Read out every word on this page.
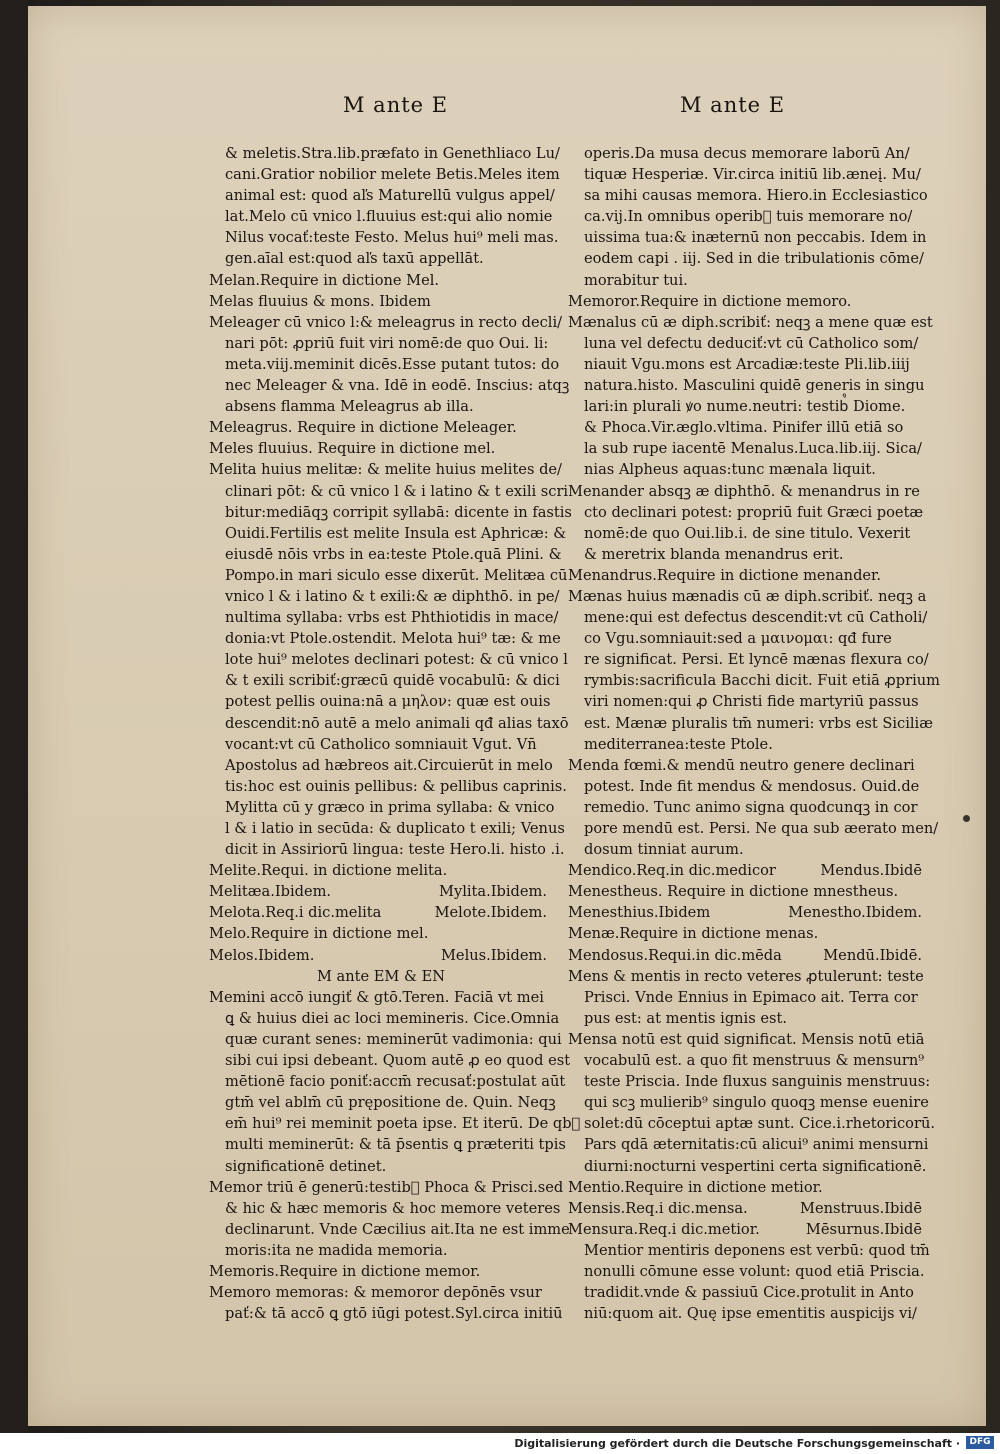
M ante E	M ante E
& meletis.Stra.lib.præfato in Genethliaco Lu/
cani.Gratior nobilior melete Betis.Meles item
animal est: quod aľs Maturellū vulgus appel/
lat.Melo cū vnico l.fluuius est:qui alio nomie
Nilus vocať:teste Festo. Melus hui⁹ meli mas.
gen.aīal est:quod aľs taxū appellāt.
Melan.Require in dictione Mel.
Melas fluuius & mons. Ibidem
Meleager cū vnico l:& meleagrus in recto decli/
nari pōt: ꝓpriū fuit viri nomē:de quo Oui. li:
meta.viij.meminit dicēs.Esse putant tutos: do
nec Meleager & vna. Idē in eodē. Inscius: atqꝫ
absens flamma Meleagrus ab illa.
Meleagrus. Require in dictione Meleager.
Meles fluuius. Require in dictione mel.
Melita huius melitæ: & melite huius melites de/
clinari pōt: & cū vnico l & i latino & t exili scri
bitur:mediāqꝫ corripit syllabā: dicente in fastis
Ouidi.Fertilis est melite Insula est Aphricæ: &
eiusdē nōis vrbs in ea:teste Ptole.quā Plini. &
Pompo.in mari siculo esse dixerūt. Melitæa cū
vnico l & i latino & t exili:& æ diphthō. in pe/
nultima syllaba: vrbs est Phthiotidis in mace/
donia:vt Ptole.ostendit. Melota hui⁹ tæ: & me
lote hui⁹ melotes declinari potest: & cū vnico l
& t exili scribiť:græcū quidē vocabulū: & dici
potest pellis ouina:nā a μηλον: quæ est ouis
descendit:nō autē a melo animali qđ alias taxō
vocant:vt cū Catholico somniauit Vgut. Vn̄
Apostolus ad hæbreos ait.Circuierūt in melo
tis:hoc est ouinis pellibus: & pellibus caprinis.
Mylitta cū y græco in prima syllaba: & vnico
l & i latio in secūda: & duplicato t exili; Venus
dicit in Assiriorū lingua: teste Hero.li. histo .i.
Melite.Requi. in dictione melita.
Melitæa.Ibidem.	Mylita.Ibidem.
Melota.Req.i dic.melita	Melote.Ibidem.
Melo.Require in dictione mel.
Melos.Ibidem.	Melus.Ibidem.
M ante EM & EN
Memini accō iungiť & gtō.Teren. Faciā vt mei
ꝗ & huius diei ac loci memineris. Cice.Omnia
quæ curant senes: meminerūt vadimonia: qui
sibi cui ipsi debeant. Quom autē ꝓ eo quod est
mētionē facio poniť:accm̄ recusať:postulat aūt
gtm̄ vel ablm̄ cū pręposi̇tione de. Quin. Neqꝫ
em̄ hui⁹ rei meminit poeta ipse. Et iterū. De qb᷒
multi meminerūt: & tā p̄sentis ꝗ præteriti tpis
significationē detinet.
Memor triū ē generū:testib᷒ Phoca & Prisci.sed
& hic & hæc memoris & hoc memore veteres
declinarunt. Vnde Cæcilius ait.Ita ne est imme
moris:ita ne madida memoria.
Memoris.Require in dictione memor.
Memoro memoras: & memoror depōnēs vsur
pať:& tā accō ꝗ gtō iūgi potest.Syl.circa initiū
operis.Da musa decus memorare laborū An/
tiquæ Hesperiæ. Vir.circa initiū lib.æneį. Mu/
sa mihi causas memora. Hiero.in Ecclesiastico
ca.vij.In omnibus operib᷒ tuis memorare no/
uissima tua:& inæternū non peccabis. Idem in
eodem capi . iij. Sed in die tribulationis cōme/
morabitur tui.
Memoror.Require in dictione memoro.
Mænalus cū æ diph.scribiť: neqꝫ a mene quæ est
luna vel defectu deduciť:vt cū Catholico som/
niauit Vgu.mons est Arcadiæ:teste Pli.lib.iiij
natura.histo. Masculini quidē generis in singu
lari:in plurali ꝟo nume.neutri: testib᷒ Diome.
& Phoca.Vir.æglo.vltima. Pinifer illū etiā so
la sub rupe iacentē Menalus.Luca.lib.iij. Sica/
nias Alpheus aquas:tunc mænala liquit.
Menander absqꝫ æ diphthō. & menandrus in re
cto declinari potest: propriū fuit Græci poetæ
nomē:de quo Oui.lib.i. de sine titulo. Vexerit
& meretrix blanda menandrus erit.
Menandrus.Require in dictione menander.
Mænas huius mænadis cū æ diph.scribiť. neqꝫ a
mene:qui est defectus descendit:vt cū Catholi/
co Vgu.somniauit:sed a μαινομαι: qđ fure
re significat. Persi. Et lyncē mænas flexura co/
rymbis:sacrificula Bacchi dicit. Fuit etiā ꝓprium
viri nomen:qui ꝓ Christi fide martyriū passus
est. Mænæ pluralis tm̄ numeri: vrbs est Siciliæ
mediterranea:teste Ptole.
Menda fœmi.& mendū neutro genere declinari
potest. Inde fit mendus & mendosus. Ouid.de
remedio. Tunc animo signa quodcunqꝫ in cor
pore mendū est. Persi. Ne qua sub æerato men/
dosum tinniat aurum.
Mendico.Req.in dic.medicor	Mendus.Ibidē
Menestheus. Require in dictione mnestheus.
Menesthius.Ibidem	Menestho.Ibidem.
Menæ.Require in dictione menas.
Mendosus.Requi.in dic.mēda	Mendū.Ibidē.
Mens & mentis in recto veteres ꝓtulerunt: teste
Prisci. Vnde Ennius in Epimaco ait. Terra cor
pus est: at mentis ignis est.
Mensa notū est quid significat. Mensis notū etiā
vocabulū est. a quo fit menstruus & mensurn⁹
teste Priscia. Inde fluxus sanguinis menstruus:
qui scꝫ mulierib⁹ singulo quoqꝫ mense euenire
solet:dū cōceptui aptæ sunt. Cice.i.rhetoricorū.
Pars qdā æternitatis:cū alicui⁹ animi mensurni
diurni:nocturni vespertini certa significationē.
Mentio.Require in dictione metior.
Mensis.Req.i dic.mensa.	Menstruus.Ibidē
Mensura.Req.i dic.metior.	Mēsurnus.Ibidē
Mentior mentiris deponens est verbū: quod tm̄
nonulli cōmune esse volunt: quod etiā Priscia.
tradidit.vnde & passiuū Cice.protulit in Anto
niū:quom ait. Quę ipse ementitis auspicijs vi/
Digitalisierung gefördert durch die Deutsche Forschungsgemeinschaft ·	DFG
